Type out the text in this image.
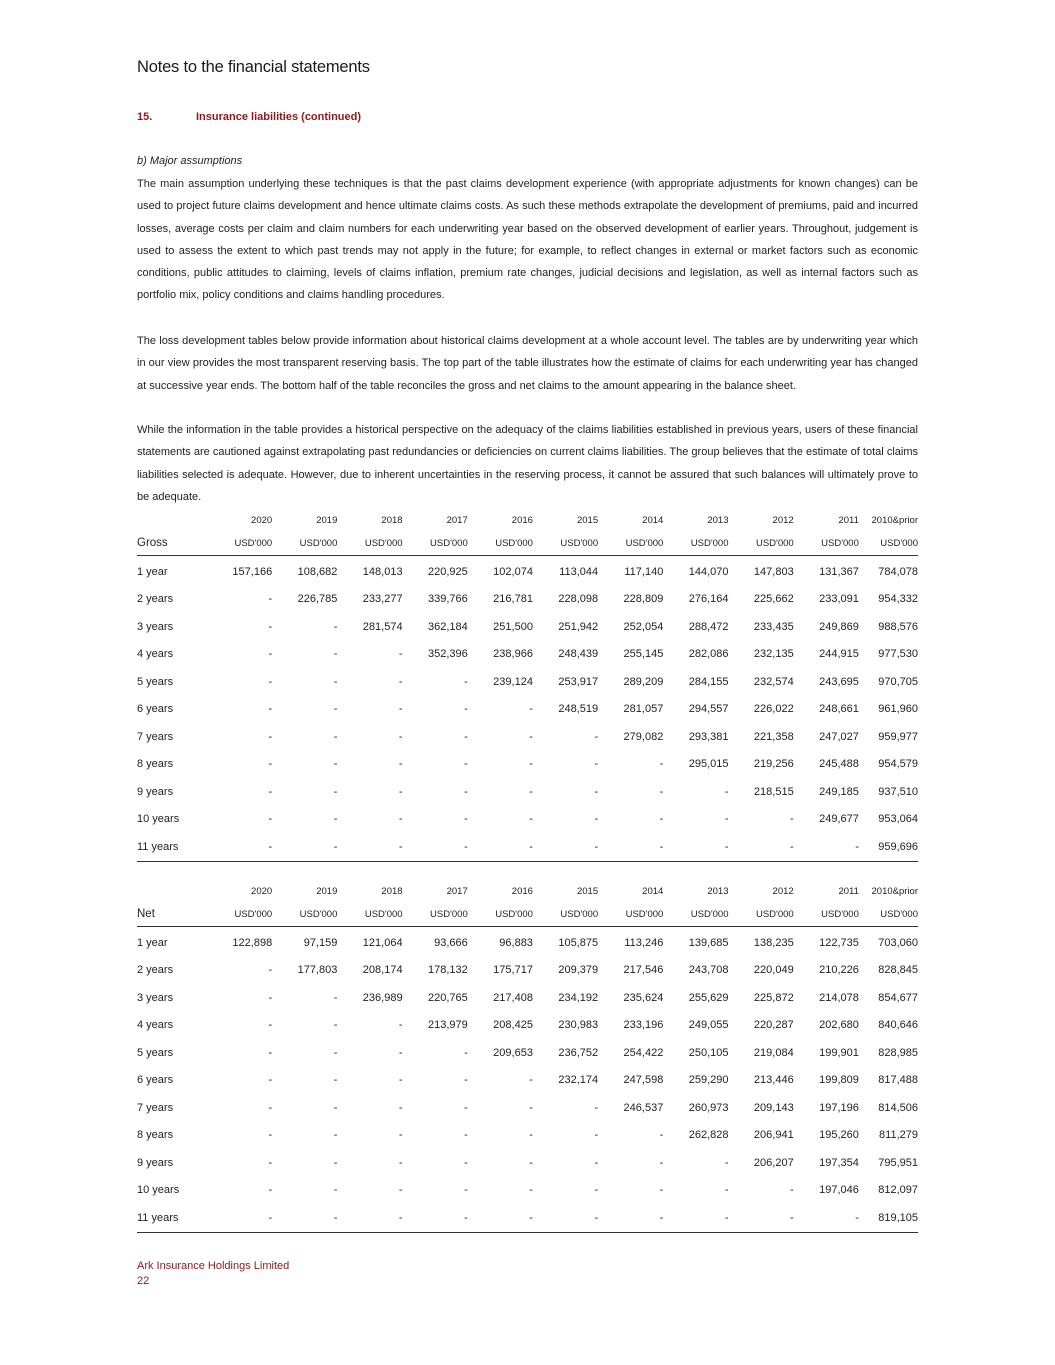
Notes to the financial statements
15.	Insurance liabilities (continued)
b) Major assumptions

The main assumption underlying these techniques is that the past claims development experience (with appropriate adjustments for known changes) can be used to project future claims development and hence ultimate claims costs. As such these methods extrapolate the development of premiums, paid and incurred losses, average costs per claim and claim numbers for each underwriting year based on the observed development of earlier years. Throughout, judgement is used to assess the extent to which past trends may not apply in the future; for example, to reflect changes in external or market factors such as economic conditions, public attitudes to claiming, levels of claims inflation, premium rate changes, judicial decisions and legislation, as well as internal factors such as portfolio mix, policy conditions and claims handling procedures.

The loss development tables below provide information about historical claims development at a whole account level. The tables are by underwriting year which in our view provides the most transparent reserving basis. The top part of the table illustrates how the estimate of claims for each underwriting year has changed at successive year ends. The bottom half of the table reconciles the gross and net claims to the amount appearing in the balance sheet.

While the information in the table provides a historical perspective on the adequacy of the claims liabilities established in previous years, users of these financial statements are cautioned against extrapolating past redundancies or deficiencies on current claims liabilities. The group believes that the estimate of total claims liabilities selected is adequate. However, due to inherent uncertainties in the reserving process, it cannot be assured that such balances will ultimately prove to be adequate.

	2020	2019	2018	2017	2016	2015	2014	2013	2012	2011	2010&prior
Gross	USD'000	USD'000	USD'000	USD'000	USD'000	USD'000	USD'000	USD'000	USD'000	USD'000	USD'000

1 year	157,166	108,682	148,013	220,925	102,074	113,044	117,140	144,070	147,803	131,367	784,078
2 years	-	226,785	233,277	339,766	216,781	228,098	228,809	276,164	225,662	233,091	954,332
3 years	-	-	281,574	362,184	251,500	251,942	252,054	288,472	233,435	249,869	988,576
4 years	-	-	-	352,396	238,966	248,439	255,145	282,086	232,135	244,915	977,530
5 years	-	-	-	-	239,124	253,917	289,209	284,155	232,574	243,695	970,705
6 years	-	-	-	-	-	248,519	281,057	294,557	226,022	248,661	961,960
7 years	-	-	-	-	-	-	279,082	293,381	221,358	247,027	959,977
8 years	-	-	-	-	-	-	-	295,015	219,256	245,488	954,579
9 years	-	-	-	-	-	-	-	-	218,515	249,185	937,510
10 years	-	-	-	-	-	-	-	-	-	249,677	953,064
11 years	-	-	-	-	-	-	-	-	-	-	959,696
	2020	2019	2018	2017	2016	2015	2014	2013	2012	2011	2010&prior
Net	USD'000	USD'000	USD'000	USD'000	USD'000	USD'000	USD'000	USD'000	USD'000	USD'000	USD'000

1 year	122,898	97,159	121,064	93,666	96,883	105,875	113,246	139,685	138,235	122,735	703,060
2 years	-	177,803	208,174	178,132	175,717	209,379	217,546	243,708	220,049	210,226	828,845
3 years	-	-	236,989	220,765	217,408	234,192	235,624	255,629	225,872	214,078	854,677
4 years	-	-	-	213,979	208,425	230,983	233,196	249,055	220,287	202,680	840,646
5 years	-	-	-	-	209,653	236,752	254,422	250,105	219,084	199,901	828,985
6 years	-	-	-	-	-	232,174	247,598	259,290	213,446	199,809	817,488
7 years	-	-	-	-	-	-	246,537	260,973	209,143	197,196	814,506
8 years	-	-	-	-	-	-	-	262,828	206,941	195,260	811,279
9 years	-	-	-	-	-	-	-	-	206,207	197,354	795,951
10 years	-	-	-	-	-	-	-	-	-	197,046	812,097
11 years	-	-	-	-	-	-	-	-	-	-	819,105
Ark Insurance Holdings Limited
22
